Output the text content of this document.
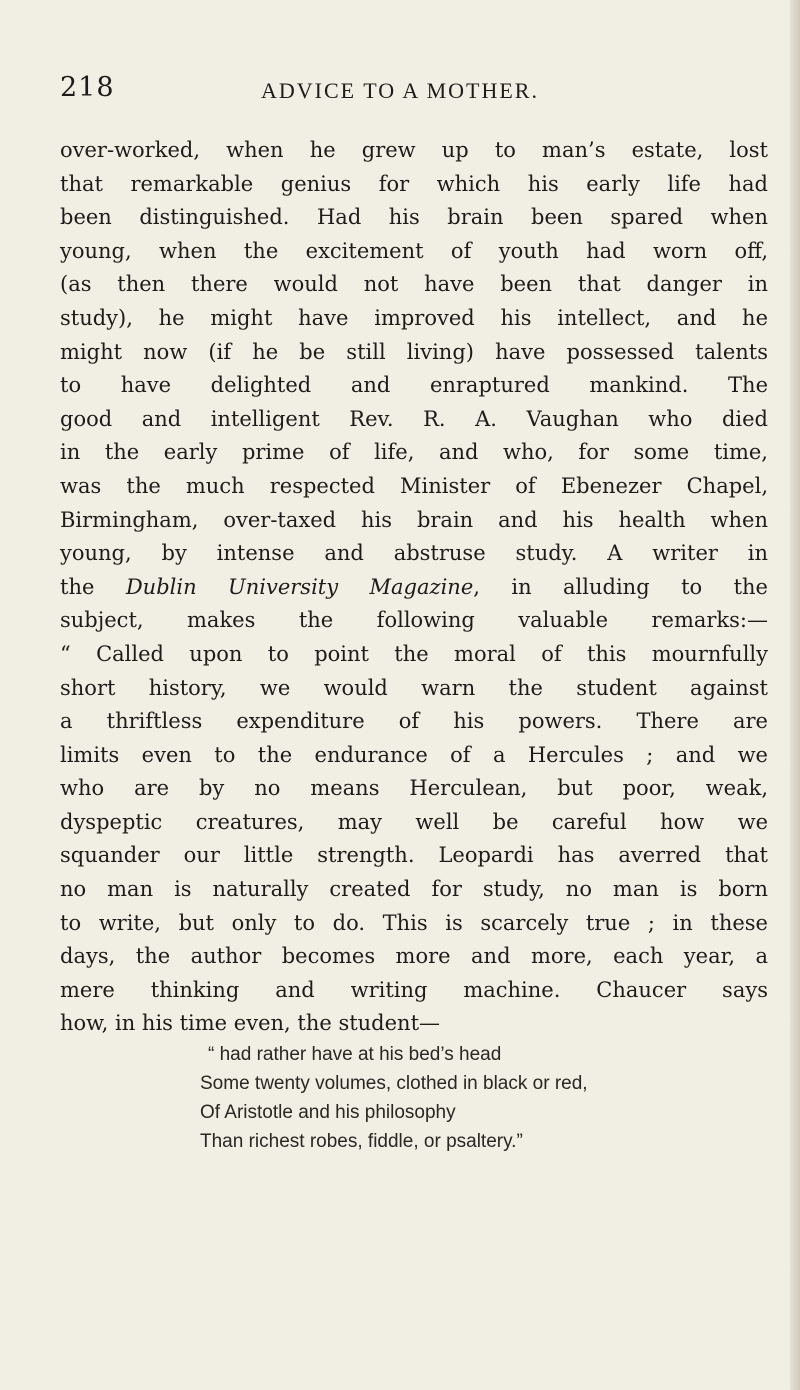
218	ADVICE TO A MOTHER.
over-worked, when he grew up to man’s estate, lost
that remarkable genius for which his early life had
been distinguished. Had his brain been spared when
young, when the excitement of youth had worn off,
(as then there would not have been that danger in
study), he might have improved his intellect, and he
might now (if he be still living) have possessed talents
to have delighted and enraptured mankind. The
good and intelligent Rev. R. A. Vaughan who died
in the early prime of life, and who, for some time,
was the much respected Minister of Ebenezer Chapel,
Birmingham, over-taxed his brain and his health when
young, by intense and abstruse study. A writer in
the Dublin University Magazine, in alluding to the
subject, makes the following valuable remarks:—
“ Called upon to point the moral of this mournfully
short history, we would warn the student against
a thriftless expenditure of his powers. There are
limits even to the endurance of a Hercules ; and we
who are by no means Herculean, but poor, weak,
dyspeptic creatures, may well be careful how we
squander our little strength. Leopardi has averred that
no man is naturally created for study, no man is born
to write, but only to do. This is scarcely true ; in these
days, the author becomes more and more, each year, a
mere thinking and writing machine. Chaucer says
how, in his time even, the student—
“ had rather have at his bed’s head
Some twenty volumes, clothed in black or red,
Of Aristotle and his philosophy
Than richest robes, fiddle, or psaltery.”
